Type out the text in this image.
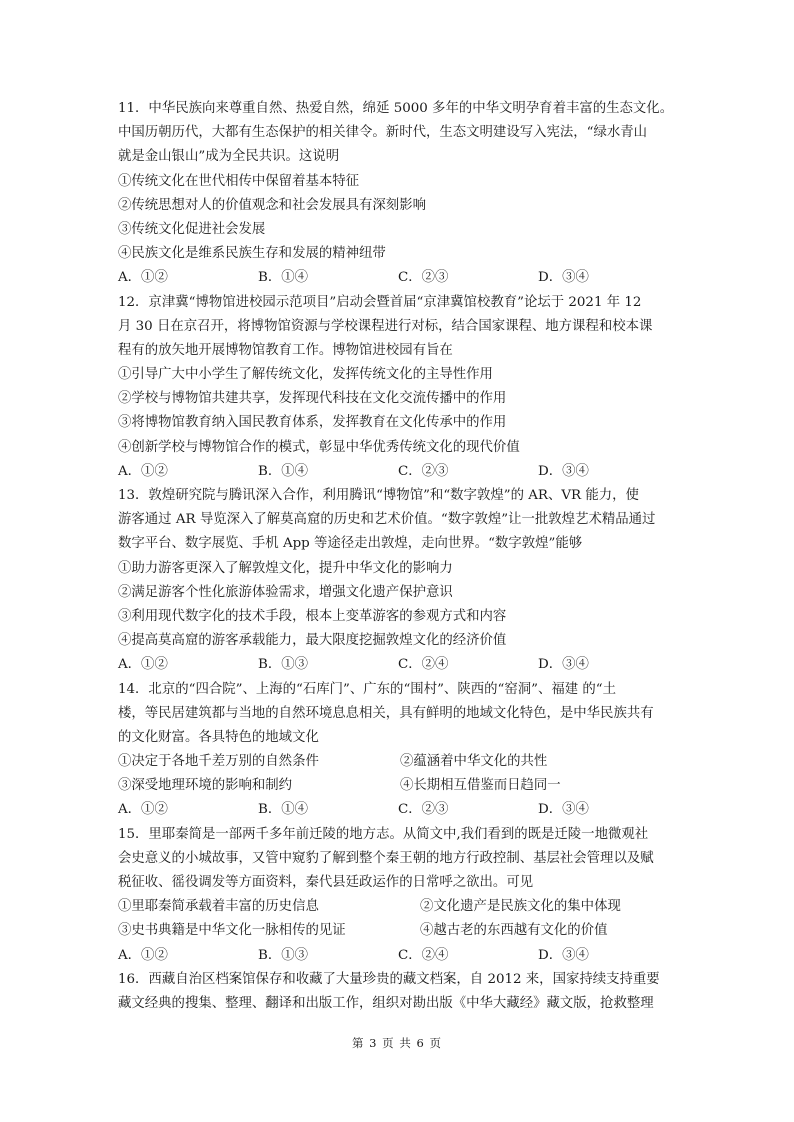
11．中华民族向来尊重自然、热爱自然，绵延 5000 多年的中华文明孕育着丰富的生态文化。
中国历朝历代，大都有生态保护的相关律令。新时代，生态文明建设写入宪法，“绿水青山
就是金山银山”成为全民共识。这说明
①传统文化在世代相传中保留着基本特征
②传统思想对人的价值观念和社会发展具有深刻影响
③传统文化促进社会发展
④民族文化是维系民族生存和发展的精神纽带
A．①②	B．①④	C．②③	D．③④
12．京津冀“博物馆进校园示范项目”启动会暨首届“京津冀馆校教育”论坛于 2021 年 12
月 30 日在京召开，将博物馆资源与学校课程进行对标，结合国家课程、地方课程和校本课
程有的放矢地开展博物馆教育工作。博物馆进校园有旨在
①引导广大中小学生了解传统文化，发挥传统文化的主导性作用
②学校与博物馆共建共享，发挥现代科技在文化交流传播中的作用
③将博物馆教育纳入国民教育体系，发挥教育在文化传承中的作用
④创新学校与博物馆合作的模式，彰显中华优秀传统文化的现代价值
A．①②	B．①④	C．②③	D．③④
13．敦煌研究院与腾讯深入合作，利用腾讯“博物馆”和“数字敦煌”的 AR、VR 能力，使
游客通过 AR 导览深入了解莫高窟的历史和艺术价值。“数字敦煌”让一批敦煌艺术精品通过
数字平台、数字展览、手机 App 等途径走出敦煌，走向世界。“数字敦煌”能够
①助力游客更深入了解敦煌文化，提升中华文化的影响力
②满足游客个性化旅游体验需求，增强文化遗产保护意识
③利用现代数字化的技术手段，根本上变革游客的参观方式和内容
④提高莫高窟的游客承载能力，最大限度挖掘敦煌文化的经济价值
A．①②	B．①③	C．②④	D．③④
14．北京的“四合院”、上海的“石库门”、广东的“围村”、陕西的“窑洞”、福建 的“土
楼，等民居建筑都与当地的自然环境息息相关，具有鲜明的地域文化特色，是中华民族共有
的文化财富。各具特色的地域文化
①决定于各地千差万别的自然条件	②蕴涵着中华文化的共性
③深受地理环境的影响和制约	④长期相互借鉴而日趋同一
A．①②	B．①④	C．②③	D．③④
15．里耶秦简是一部两千多年前迁陵的地方志。从简文中,我们看到的既是迁陵一地微观社
会史意义的小城故事，又管中窥豹了解到整个秦王朝的地方行政控制、基层社会管理以及赋
税征收、徭役调发等方面资料，秦代县廷政运作的日常呼之欲出。可见
①里耶秦简承载着丰富的历史信息	②文化遗产是民族文化的集中体现
③史书典籍是中华文化一脉相传的见证	④越古老的东西越有文化的价值
A．①②	B．①③	C．②④	D．③④
16．西藏自治区档案馆保存和收藏了大量珍贵的藏文档案，自 2012 来，国家持续支持重要
藏文经典的搜集、整理、翻译和出版工作，组织对勘出版《中华大藏经》藏文版，抢救整理
第 3 页 共 6 页
